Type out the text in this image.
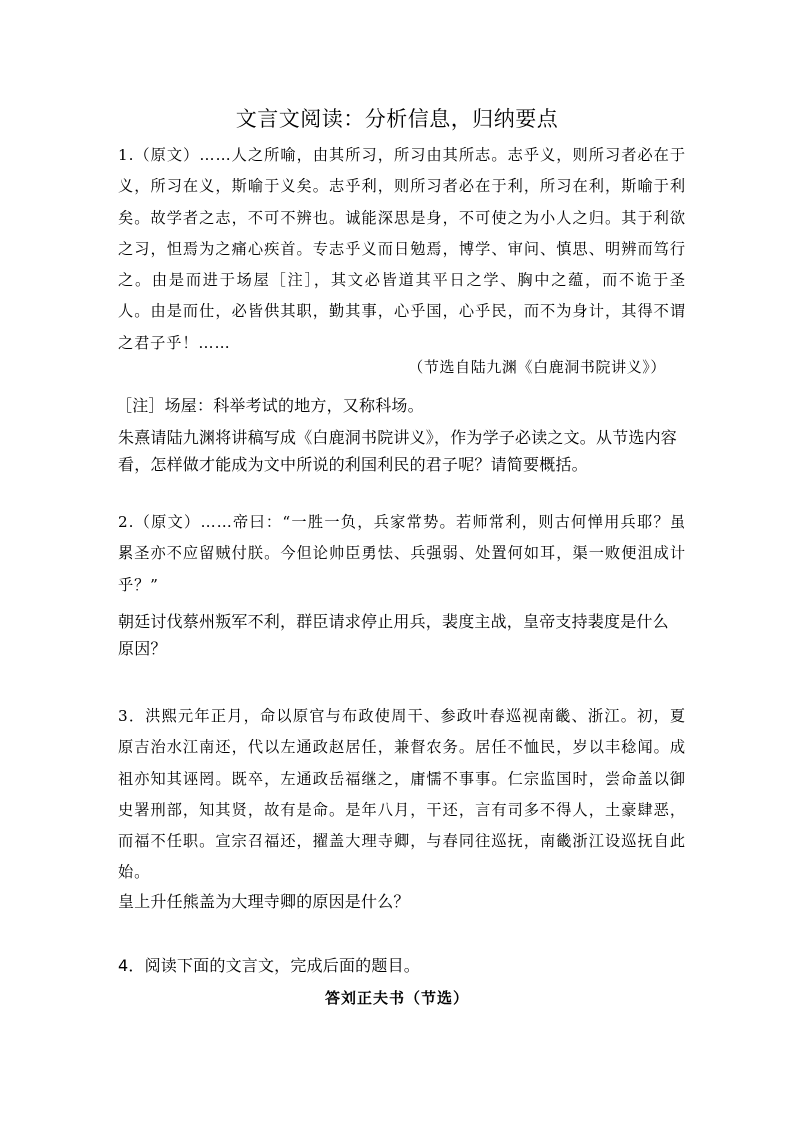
文言文阅读：分析信息，归纳要点

1.（原文）……人之所喻，由其所习，所习由其所志。志乎义，则所习者必在于义，所习在义，斯喻于义矣。志乎利，则所习者必在于利，所习在利，斯喻于利矣。故学者之志，不可不辨也。诚能深思是身，不可使之为小人之归。其于利欲之习，怛焉为之痛心疾首。专志乎义而日勉焉，博学、审问、慎思、明辨而笃行之。由是而进于场屋［注］，其文必皆道其平日之学、胸中之蕴，而不诡于圣人。由是而仕，必皆供其职，勤其事，心乎国，心乎民，而不为身计，其得不谓之君子乎！……

（节选自陆九渊《白鹿洞书院讲义》）
［注］场屋：科举考试的地方，又称科场。

朱熹请陆九渊将讲稿写成《白鹿洞书院讲义》，作为学子必读之文。从节选内容看，怎样做才能成为文中所说的利国利民的君子呢？请简要概括。

2.（原文）……帝曰：“一胜一负，兵家常势。若师常利，则古何惮用兵耶？虽累圣亦不应留贼付朕。今但论帅臣勇怯、兵强弱、处置何如耳，渠一败便沮成计乎？”

朝廷讨伐蔡州叛军不利，群臣请求停止用兵，裴度主战，皇帝支持裴度是什么原因？

3．洪熙元年正月，命以原官与布政使周干、参政叶春巡视南畿、浙江。初，夏原吉治水江南还，代以左通政赵居任，兼督农务。居任不恤民，岁以丰稔闻。成祖亦知其诬罔。既卒，左通政岳福继之，庸懦不事事。仁宗监国时，尝命盖以御史署刑部，知其贤，故有是命。是年八月，干还，言有司多不得人，土豪肆恶，而福不任职。宣宗召福还，擢盖大理寺卿，与春同往巡抚，南畿浙江设巡抚自此始。

皇上升任熊盖为大理寺卿的原因是什么？

4．阅读下面的文言文，完成后面的题目。

答刘正夫书（节选）
